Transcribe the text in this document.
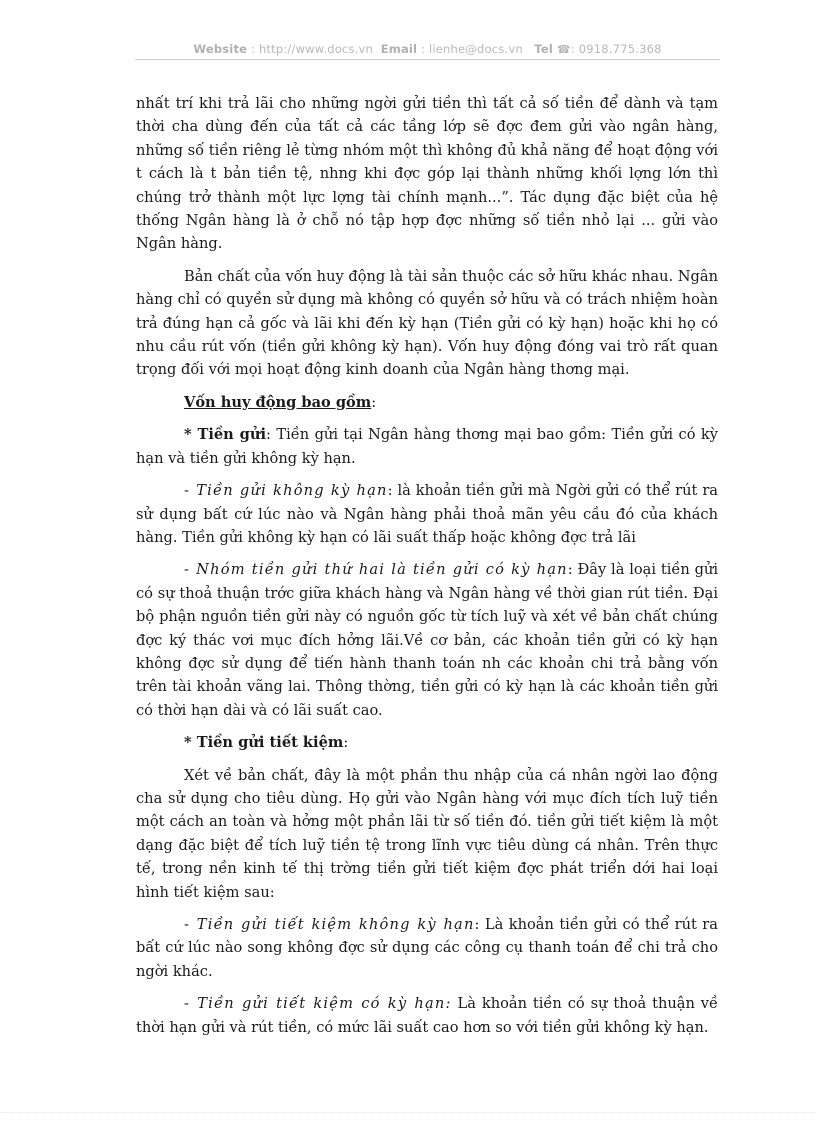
Website : http://www.docs.vn Email : lienhe@docs.vn Tel ☎: 0918.775.368

nhất trí khi trả lãi cho những ngời gửi tiền thì tất cả số tiền để dành và tạm thời cha dùng đến của tất cả các tầng lớp sẽ đợc đem gửi vào ngân hàng, những số tiền riêng lẻ từng nhóm một thì không đủ khả năng để hoạt động với t cách là t bản tiền tệ, nhng khi đợc góp lại thành những khối lợng lớn thì chúng trở thành một lực lợng tài chính mạnh...”. Tác dụng đặc biệt của hệ thống Ngân hàng là ở chỗ nó tập hợp đợc những số tiền nhỏ lại ... gửi vào Ngân hàng.

Bản chất của vốn huy động là tài sản thuộc các sở hữu khác nhau. Ngân hàng chỉ có quyền sử dụng mà không có quyền sở hữu và có trách nhiệm hoàn trả đúng hạn cả gốc và lãi khi đến kỳ hạn (Tiền gửi có kỳ hạn) hoặc khi họ có nhu cầu rút vốn (tiền gửi không kỳ hạn). Vốn huy động đóng vai trò rất quan trọng đối với mọi hoạt động kinh doanh của Ngân hàng thơng mại.

Vốn huy động bao gồm:

* Tiền gửi: Tiền gửi tại Ngân hàng thơng mại bao gồm: Tiền gửi có kỳ hạn và tiền gửi không kỳ hạn.

- Tiền gửi không kỳ hạn: là khoản tiền gửi mà Ngời gửi có thể rút ra sử dụng bất cứ lúc nào và Ngân hàng phải thoả mãn yêu cầu đó của khách hàng. Tiền gửi không kỳ hạn có lãi suất thấp hoặc không đợc trả lãi

- Nhóm tiền gửi thứ hai là tiền gửi có kỳ hạn: Đây là loại tiền gửi có sự thoả thuận trớc giữa khách hàng và Ngân hàng về thời gian rút tiền. Đại bộ phận nguồn tiền gửi này có nguồn gốc từ tích luỹ và xét về bản chất chúng đợc ký thác vơi mục đích hởng lãi.Về cơ bản, các khoản tiền gửi có kỳ hạn không đợc sử dụng để tiến hành thanh toán nh các khoản chi trả bằng vốn trên tài khoản vãng lai. Thông thờng, tiền gửi có kỳ hạn là các khoản tiền gửi có thời hạn dài và có lãi suất cao.

* Tiền gửi tiết kiệm:

Xét về bản chất, đây là một phần thu nhập của cá nhân ngời lao động cha sử dụng cho tiêu dùng. Họ gửi vào Ngân hàng với mục đích tích luỹ tiền một cách an toàn và hởng một phần lãi từ số tiền đó. tiền gửi tiết kiệm là một dạng đặc biệt để tích luỹ tiền tệ trong lĩnh vực tiêu dùng cá nhân. Trên thực tế, trong nền kinh tế thị trờng tiền gửi tiết kiệm đợc phát triển dới hai loại hình tiết kiệm sau:

- Tiền gửi tiết kiệm không kỳ hạn: Là khoản tiền gửi có thể rút ra bất cứ lúc nào song không đợc sử dụng các công cụ thanh toán để chi trả cho ngời khác.

- Tiền gửi tiết kiệm có kỳ hạn: Là khoản tiền có sự thoả thuận về thời hạn gửi và rút tiền, có mức lãi suất cao hơn so với tiền gửi không kỳ hạn.
